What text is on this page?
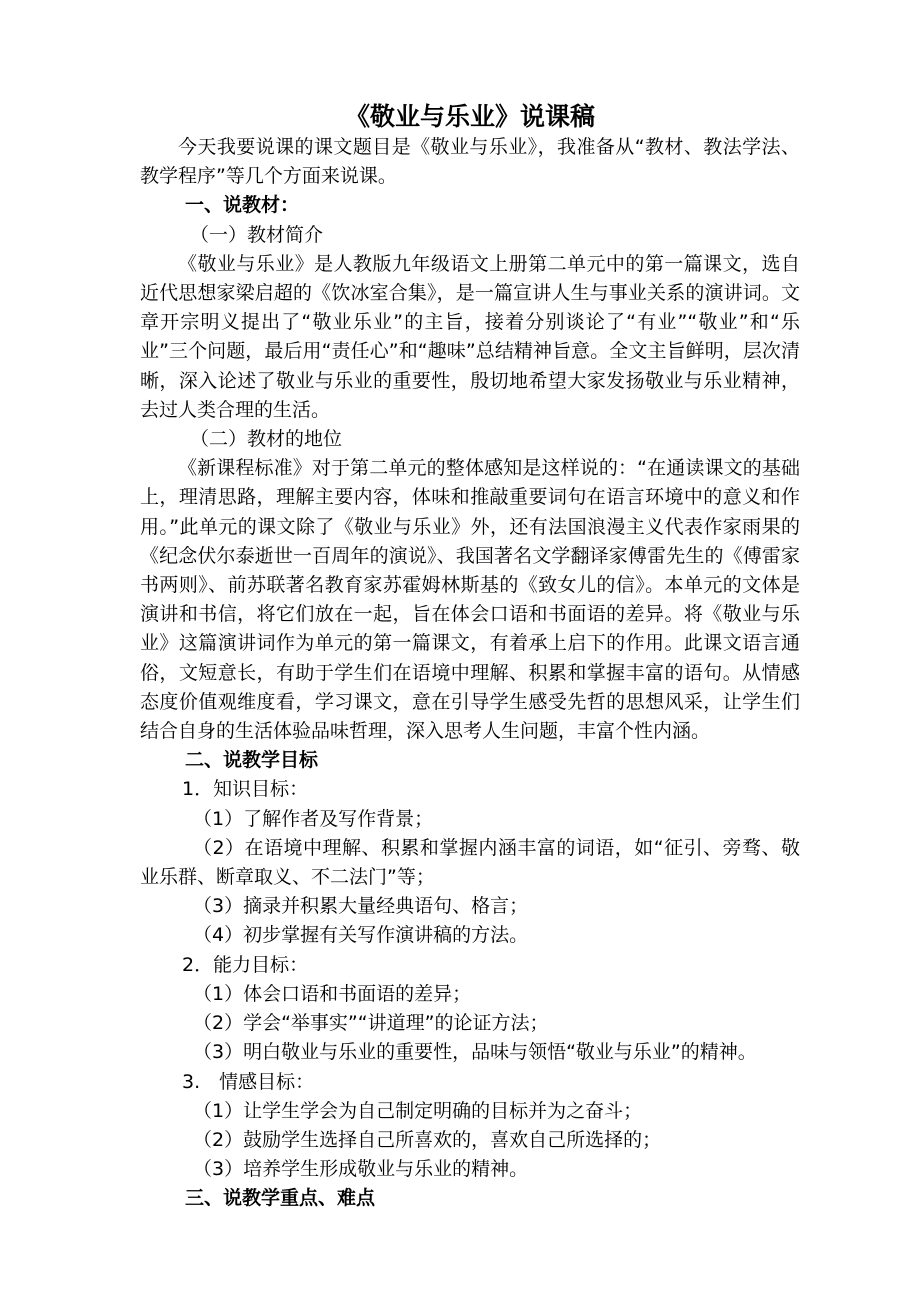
《敬业与乐业》说课稿

今天我要说课的课文题目是《敬业与乐业》，我准备从“教材、教法学法、教学程序”等几个方面来说课。

一、说教材：

（一）教材简介

《敬业与乐业》是人教版九年级语文上册第二单元中的第一篇课文，选自近代思想家梁启超的《饮冰室合集》，是一篇宣讲人生与事业关系的演讲词。文章开宗明义提出了“敬业乐业”的主旨，接着分别谈论了“有业”“敬业”和“乐业”三个问题，最后用“责任心”和“趣味”总结精神旨意。全文主旨鲜明，层次清晰，深入论述了敬业与乐业的重要性，殷切地希望大家发扬敬业与乐业精神，去过人类合理的生活。

（二）教材的地位

《新课程标准》对于第二单元的整体感知是这样说的：“在通读课文的基础上，理清思路，理解主要内容，体味和推敲重要词句在语言环境中的意义和作用。”此单元的课文除了《敬业与乐业》外，还有法国浪漫主义代表作家雨果的《纪念伏尔泰逝世一百周年的演说》、我国著名文学翻译家傅雷先生的《傅雷家书两则》、前苏联著名教育家苏霍姆林斯基的《致女儿的信》。本单元的文体是演讲和书信，将它们放在一起，旨在体会口语和书面语的差异。将《敬业与乐业》这篇演讲词作为单元的第一篇课文，有着承上启下的作用。此课文语言通俗，文短意长，有助于学生们在语境中理解、积累和掌握丰富的语句。从情感态度价值观维度看，学习课文，意在引导学生感受先哲的思想风采，让学生们结合自身的生活体验品味哲理，深入思考人生问题，丰富个性内涵。

二、说教学目标

1．知识目标：

（1）了解作者及写作背景；

（2）在语境中理解、积累和掌握内涵丰富的词语，如“征引、旁骛、敬业乐群、断章取义、不二法门”等；

（3）摘录并积累大量经典语句、格言；

（4）初步掌握有关写作演讲稿的方法。

2．能力目标：

（1）体会口语和书面语的差异；

（2）学会“举事实”“讲道理”的论证方法；

（3）明白敬业与乐业的重要性，品味与领悟“敬业与乐业”的精神。

3.　情感目标：

（1）让学生学会为自己制定明确的目标并为之奋斗；

（2）鼓励学生选择自己所喜欢的，喜欢自己所选择的；

（3）培养学生形成敬业与乐业的精神。

三、说教学重点、难点
